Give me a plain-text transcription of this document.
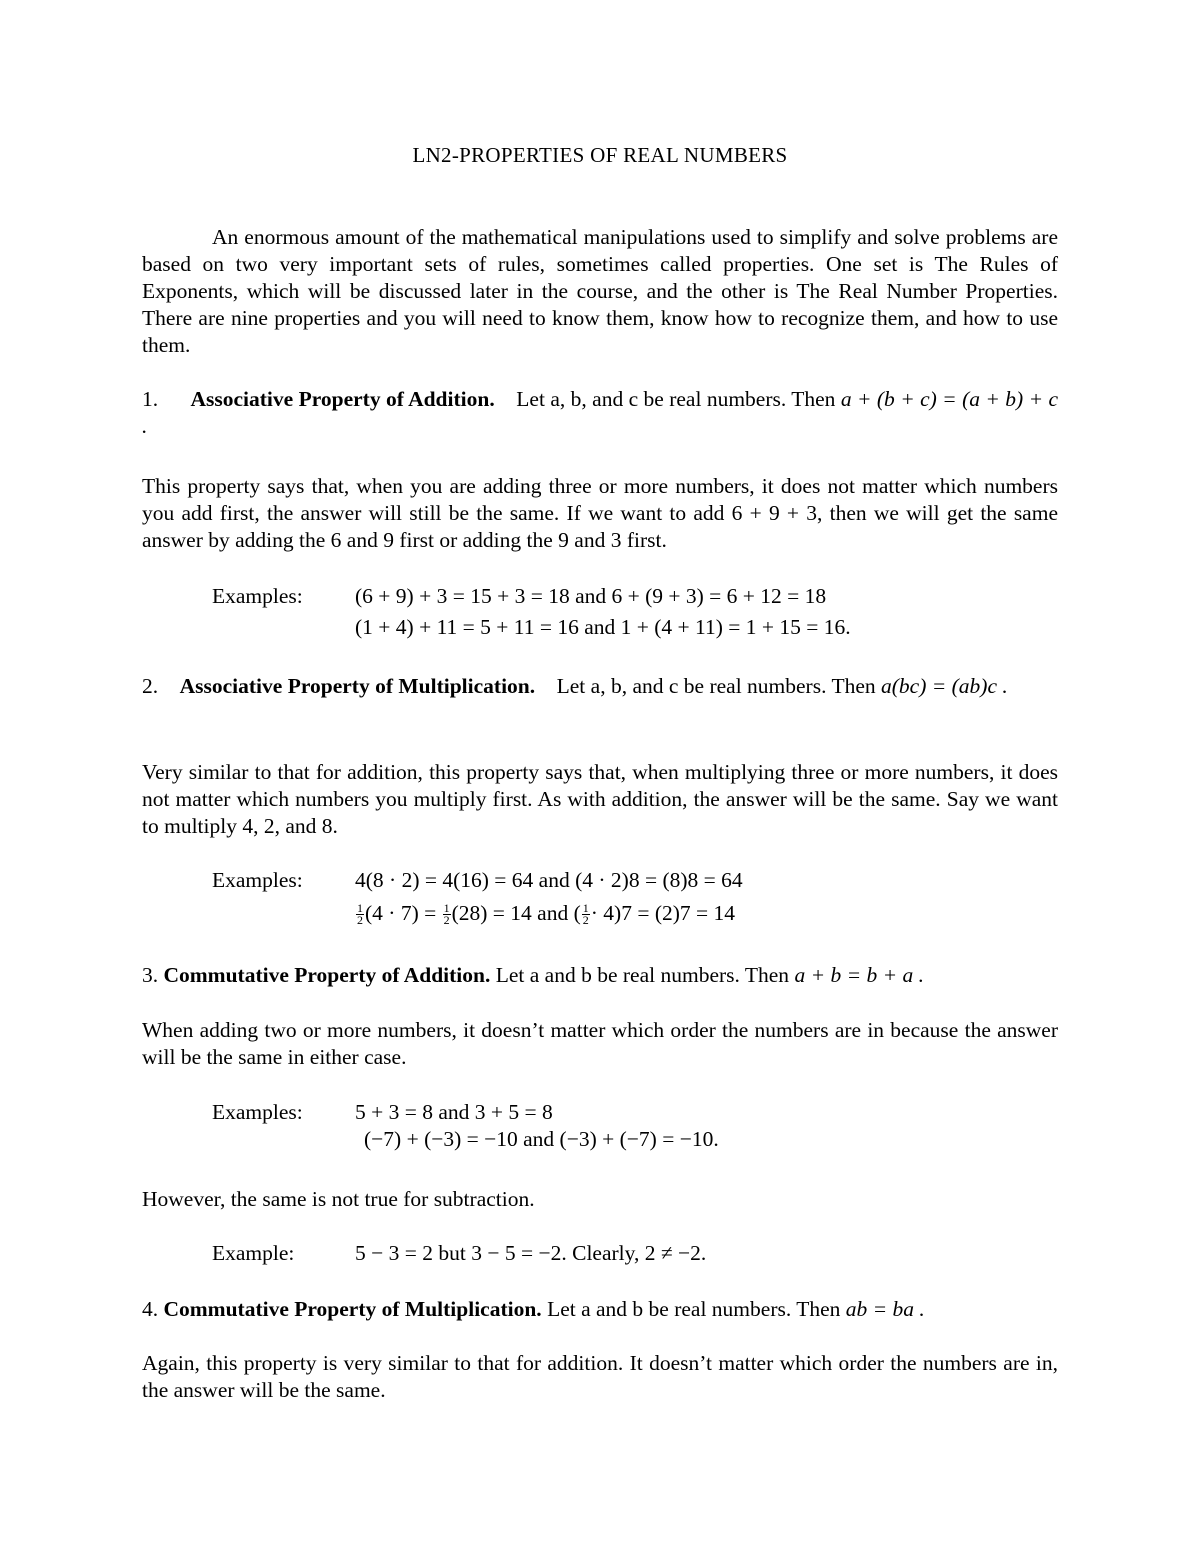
LN2-PROPERTIES OF REAL NUMBERS

An enormous amount of the mathematical manipulations used to simplify and solve problems are based on two very important sets of rules, sometimes called properties. One set is The Rules of Exponents, which will be discussed later in the course, and the other is The Real Number Properties. There are nine properties and you will need to know them, know how to recognize them, and how to use them.

1. Associative Property of Addition. Let a, b, and c be real numbers. Then a + (b + c) = (a + b) + c .

This property says that, when you are adding three or more numbers, it does not matter which numbers you add first, the answer will still be the same. If we want to add 6 + 9 + 3, then we will get the same answer by adding the 6 and 9 first or adding the 9 and 3 first.

Examples: (6 + 9) + 3 = 15 + 3 = 18 and 6 + (9 + 3) = 6 + 12 = 18
(1 + 4) + 11 = 5 + 11 = 16 and 1 + (4 + 11) = 1 + 15 = 16.

2. Associative Property of Multiplication. Let a, b, and c be real numbers. Then a(bc) = (ab)c .

Very similar to that for addition, this property says that, when multiplying three or more numbers, it does not matter which numbers you multiply first. As with addition, the answer will be the same. Say we want to multiply 4, 2, and 8.

Examples: 4(8 · 2) = 4(16) = 64 and (4 · 2)8 = (8)8 = 64
$\frac{1}{2} (4 \cdot 7) = \frac{1}{2} (28) = 14$ and ( $\frac{1}{2} \cdot 4)7 = (2)7 = 14$

3. Commutative Property of Addition. Let a and b be real numbers. Then a + b = b + a .

When adding two or more numbers, it doesn’t matter which order the numbers are in because the answer will be the same in either case.

Examples: 5 + 3 = 8 and 3 + 5 = 8
(−7) + (−3) = −10 and (−3) + (−7) = −10.

However, the same is not true for subtraction.

Example:	5 − 3 = 2 but 3 − 5 = −2. Clearly, 2 ≠ −2.

4. Commutative Property of Multiplication. Let a and b be real numbers. Then ab = ba .

Again, this property is very similar to that for addition. It doesn’t matter which order the numbers are in, the answer will be the same.
